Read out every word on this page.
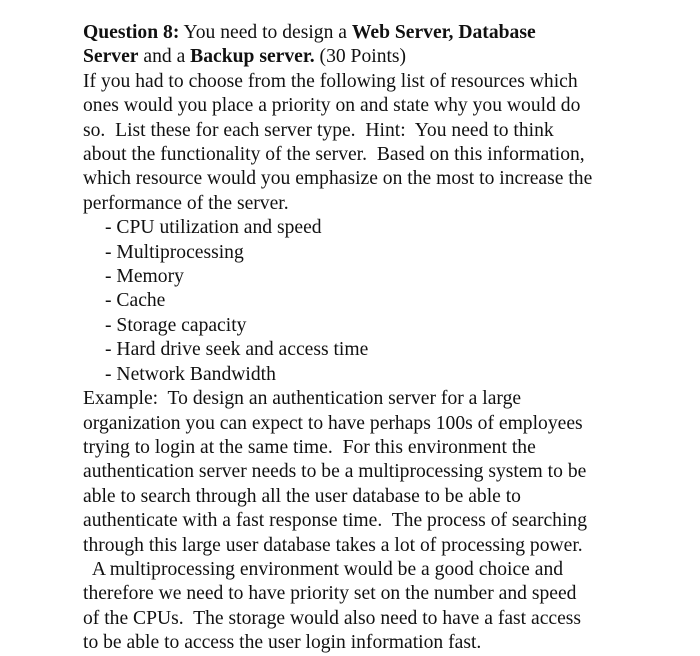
Question 8: You need to design a Web Server, Database
Server and a Backup server. (30 Points)
If you had to choose from the following list of resources which
ones would you place a priority on and state why you would do
so.  List these for each server type.  Hint:  You need to think
about the functionality of the server.  Based on this information,
which resource would you emphasize on the most to increase the
performance of the server.
- CPU utilization and speed
- Multiprocessing
- Memory
- Cache
- Storage capacity
- Hard drive seek and access time
- Network Bandwidth
Example:  To design an authentication server for a large
organization you can expect to have perhaps 100s of employees
trying to login at the same time.  For this environment the
authentication server needs to be a multiprocessing system to be
able to search through all the user database to be able to
authenticate with a fast response time.  The process of searching
through this large user database takes a lot of processing power.
A multiprocessing environment would be a good choice and
therefore we need to have priority set on the number and speed
of the CPUs.  The storage would also need to have a fast access
to be able to access the user login information fast.
